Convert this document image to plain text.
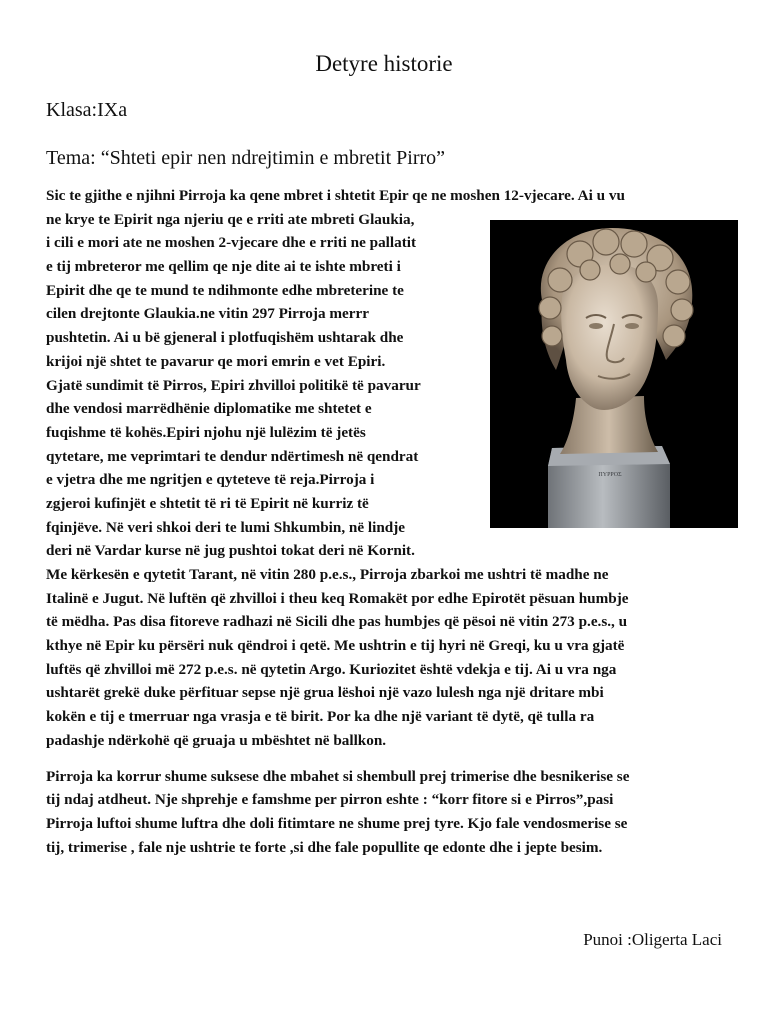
Detyre historie
Klasa:IXa
Tema: “Shteti epir nen ndrejtimin e mbretit Pirro”
ΠΥΡΡΟΣ
Sic te gjithe e njihni Pirroja ka qene mbret i shtetit Epir qe ne moshen 12-vjecare. Ai u vu
ne krye te Epirit nga njeriu qe e rriti ate mbreti Glaukia,
i cili e mori ate ne moshen 2-vjecare dhe e rriti ne pallatit
e tij mbreteror me qellim qe nje dite ai te ishte mbreti i
Epirit dhe qe te mund te ndihmonte edhe mbreterine te
cilen drejtonte Glaukia.ne vitin 297 Pirroja merrr
pushtetin. Ai u bë gjeneral i plotfuqishëm ushtarak dhe
krijoi një shtet te pavarur qe mori emrin e vet Epiri.
Gjatë sundimit të Pirros, Epiri zhvilloi politikë të pavarur
dhe vendosi marrëdhënie diplomatike me shtetet e
fuqishme të kohës.Epiri njohu një lulëzim të jetës
qytetare, me veprimtari te dendur ndërtimesh në qendrat
e vjetra dhe me ngritjen e qyteteve të reja.Pirroja i
zgjeroi kufinjët e shtetit të ri të Epirit në kurriz të
fqinjëve. Në veri shkoi deri te lumi Shkumbin, në lindje
deri në Vardar kurse në jug pushtoi tokat deri në Kornit.
Me kërkesën e qytetit Tarant, në vitin 280 p.e.s., Pirroja zbarkoi me ushtri të madhe ne
Italinë e Jugut. Në luftën që zhvilloi i theu keq Romakët por edhe Epirotët pësuan humbje
të mëdha. Pas disa fitoreve radhazi në Sicili dhe pas humbjes që pësoi në vitin 273 p.e.s., u
kthye në Epir ku përsëri nuk qëndroi i qetë. Me ushtrin e tij hyri në Greqi, ku u vra gjatë
luftës që zhvilloi më 272 p.e.s. në qytetin Argo. Kuriozitet është vdekja e tij. Ai u vra nga
ushtarët grekë duke përfituar sepse një grua lëshoi një vazo lulesh nga një dritare mbi
kokën e tij e tmerruar nga vrasja e të birit. Por ka dhe një variant të dytë, që tulla ra
padashje ndërkohë që gruaja u mbështet në ballkon.
Pirroja ka korrur shume suksese dhe mbahet si shembull prej trimerise dhe besnikerise se
tij ndaj atdheut. Nje shprehje e famshme per pirron eshte : “korr fitore si e Pirros”,pasi
Pirroja luftoi shume luftra dhe doli fitimtare ne shume prej tyre. Kjo fale vendosmerise se
tij, trimerise , fale nje ushtrie te forte ,si dhe fale popullite qe edonte dhe i jepte besim.
Punoi :Oligerta Laci
